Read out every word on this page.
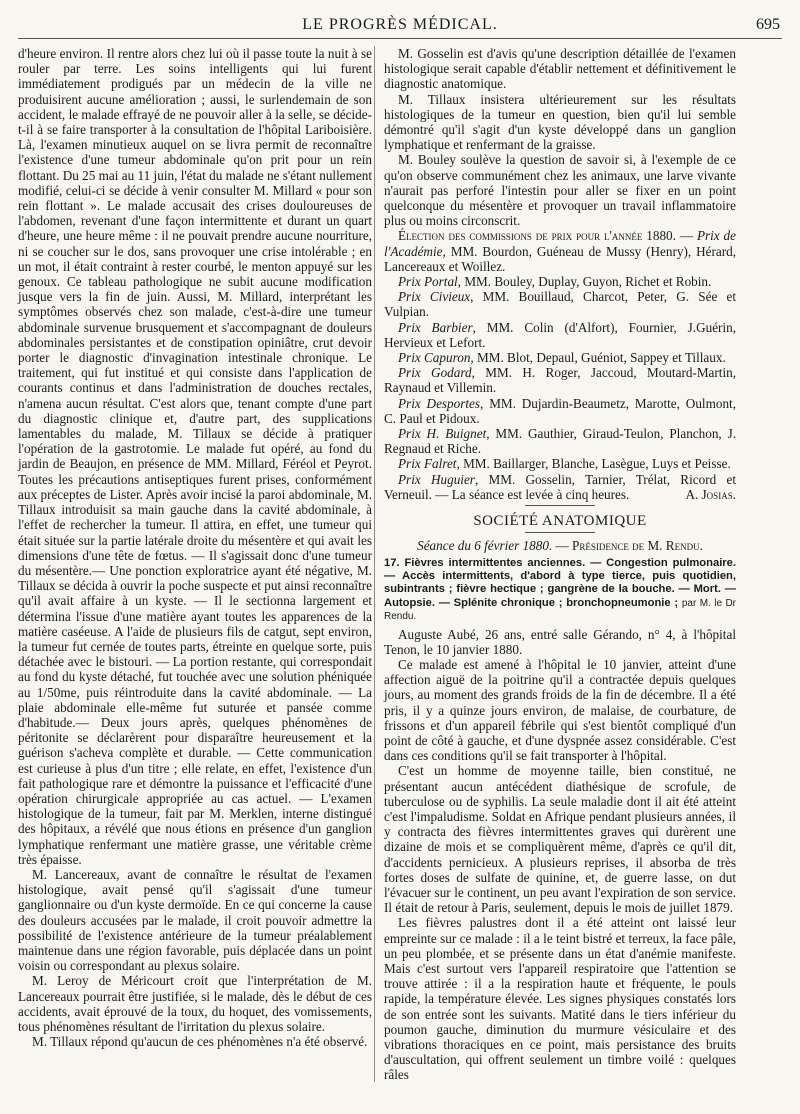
LE PROGRÈS MÉDICAL.	695

d'heure environ. Il rentre alors chez lui où il passe toute la nuit à se rouler par terre. Les soins intelligents qui lui furent immédiatement prodigués par un médecin de la ville ne produisirent aucune amélioration ; aussi, le surlendemain de son accident, le malade effrayé de ne pouvoir aller à la selle, se décide-t-il à se faire transporter à la consultation de l'hôpital Lariboisière. Là, l'examen minutieux auquel on se livra permit de reconnaître l'existence d'une tumeur abdominale qu'on prit pour un rein flottant. Du 25 mai au 11 juin, l'état du malade ne s'étant nullement modifié, celui-ci se décide à venir consulter M. Millard « pour son rein flottant ». Le malade accusait des crises douloureuses de l'abdomen, revenant d'une façon intermittente et durant un quart d'heure, une heure même : il ne pouvait prendre aucune nourriture, ni se coucher sur le dos, sans provoquer une crise intolérable ; en un mot, il était contraint à rester courbé, le menton appuyé sur les genoux. Ce tableau pathologique ne subit aucune modification jusque vers la fin de juin. Aussi, M. Millard, interprétant les symptômes observés chez son malade, c'est-à-dire une tumeur abdominale survenue brusquement et s'accompagnant de douleurs abdominales persistantes et de constipation opiniâtre, crut devoir porter le diagnostic d'invagination intestinale chronique. Le traitement, qui fut institué et qui consiste dans l'application de courants continus et dans l'administration de douches rectales, n'amena aucun résultat. C'est alors que, tenant compte d'une part du diagnostic clinique et, d'autre part, des supplications lamentables du malade, M. Tillaux se décide à pratiquer l'opération de la gastrotomie. Le malade fut opéré, au fond du jardin de Beaujon, en présence de MM. Millard, Féréol et Peyrot. Toutes les précautions antiseptiques furent prises, conformément aux préceptes de Lister. Après avoir incisé la paroi abdominale, M. Tillaux introduisit sa main gauche dans la cavité abdominale, à l'effet de rechercher la tumeur. Il attira, en effet, une tumeur qui était située sur la partie latérale droite du mésentère et qui avait les dimensions d'une tête de fœtus. — Il s'agissait donc d'une tumeur du mésentère.— Une ponction exploratrice ayant été négative, M. Tillaux se décida à ouvrir la poche suspecte et put ainsi reconnaître qu'il avait affaire à un kyste. — Il le sectionna largement et détermina l'issue d'une matière ayant toutes les apparences de la matière caséeuse. A l'aide de plusieurs fils de catgut, sept environ, la tumeur fut cernée de toutes parts, étreinte en quelque sorte, puis détachée avec le bistouri. — La portion restante, qui correspondait au fond du kyste détaché, fut touchée avec une solution phéniquée au 1/50me, puis réintroduite dans la cavité abdominale. — La plaie abdominale elle-même fut suturée et pansée comme d'habitude.— Deux jours après, quelques phénomènes de péritonite se déclarèrent pour disparaître heureusement et la guérison s'acheva complète et durable. — Cette communication est curieuse à plus d'un titre ; elle relate, en effet, l'existence d'un fait pathologique rare et démontre la puissance et l'efficacité d'une opération chirurgicale appropriée au cas actuel. — L'examen histologique de la tumeur, fait par M. Merklen, interne distingué des hôpitaux, a révélé que nous étions en présence d'un ganglion lymphatique renfermant une matière grasse, une véritable crème très épaisse.

M. Lancereaux, avant de connaître le résultat de l'examen histologique, avait pensé qu'il s'agissait d'une tumeur ganglionnaire ou d'un kyste dermoïde. En ce qui concerne la cause des douleurs accusées par le malade, il croit pouvoir admettre la possibilité de l'existence antérieure de la tumeur préalablement maintenue dans une région favorable, puis déplacée dans un point voisin ou correspondant au plexus solaire.

M. Leroy de Méricourt croit que l'interprétation de M. Lancereaux pourrait être justifiée, si le malade, dès le début de ces accidents, avait éprouvé de la toux, du hoquet, des vomissements, tous phénomènes résultant de l'irritation du plexus solaire.

M. Tillaux répond qu'aucun de ces phénomènes n'a été observé.

M. Gosselin est d'avis qu'une description détaillée de l'examen histologique serait capable d'établir nettement et définitivement le diagnostic anatomique.

M. Tillaux insistera ultérieurement sur les résultats histologiques de la tumeur en question, bien qu'il lui semble démontré qu'il s'agit d'un kyste développé dans un ganglion lymphatique et renfermant de la graisse.

M. Bouley soulève la question de savoir si, à l'exemple de ce qu'on observe communément chez les animaux, une larve vivante n'aurait pas perforé l'intestin pour aller se fixer en un point quelconque du mésentère et provoquer un travail inflammatoire plus ou moins circonscrit.

Élection des commissions de prix pour l'année 1880. — Prix de l'Académie, MM. Bourdon, Guéneau de Mussy (Henry), Hérard, Lancereaux et Woillez.

Prix Portal, MM. Bouley, Duplay, Guyon, Richet et Robin.

Prix Civieux, MM. Bouillaud, Charcot, Peter, G. Sée et Vulpian.

Prix Barbier, MM. Colin (d'Alfort), Fournier, J.Guérin, Hervieux et Lefort.

Prix Capuron, MM. Blot, Depaul, Guéniot, Sappey et Tillaux.

Prix Godard, MM. H. Roger, Jaccoud, Moutard-Martin, Raynaud et Villemin.

Prix Desportes, MM. Dujardin-Beaumetz, Marotte, Oulmont, C. Paul et Pidoux.

Prix H. Buignet, MM. Gauthier, Giraud-Teulon, Planchon, J. Regnaud et Riche.

Prix Falret, MM. Baillarger, Blanche, Lasègue, Luys et Peisse.

Prix Huguier, MM. Gosselin, Tarnier, Trélat, Ricord et Verneuil. — La séance est levée à cinq heures.	A. Josias.

SOCIÉTÉ ANATOMIQUE
Séance du 6 février 1880. — Présidence de M. Rendu.

17. Fièvres intermittentes anciennes. — Congestion pulmonaire. — Accès intermittents, d'abord à type tierce, puis quotidien, subintrants ; fièvre hectique ; gangrène de la bouche. — Mort. — Autopsie. — Splénite chronique ; bronchopneumonie ; par M. le Dr Rendu.

Auguste Aubé, 26 ans, entré salle Gérando, n° 4, à l'hôpital Tenon, le 10 janvier 1880.

Ce malade est amené à l'hôpital le 10 janvier, atteint d'une affection aiguë de la poitrine qu'il a contractée depuis quelques jours, au moment des grands froids de la fin de décembre. Il a été pris, il y a quinze jours environ, de malaise, de courbature, de frissons et d'un appareil fébrile qui s'est bientôt compliqué d'un point de côté à gauche, et d'une dyspnée assez considérable. C'est dans ces conditions qu'il se fait transporter à l'hôpital.

C'est un homme de moyenne taille, bien constitué, ne présentant aucun antécédent diathésique de scrofule, de tuberculose ou de syphilis. La seule maladie dont il ait été atteint c'est l'impaludisme. Soldat en Afrique pendant plusieurs années, il y contracta des fièvres intermittentes graves qui durèrent une dizaine de mois et se compliquèrent même, d'après ce qu'il dit, d'accidents pernicieux. A plusieurs reprises, il absorba de très fortes doses de sulfate de quinine, et, de guerre lasse, on dut l'évacuer sur le continent, un peu avant l'expiration de son service. Il était de retour à Paris, seulement, depuis le mois de juillet 1879.

Les fièvres palustres dont il a été atteint ont laissé leur empreinte sur ce malade : il a le teint bistré et terreux, la face pâle, un peu plombée, et se présente dans un état d'anémie manifeste. Mais c'est surtout vers l'appareil respiratoire que l'attention se trouve attirée : il a la respiration haute et fréquente, le pouls rapide, la température élevée. Les signes physiques constatés lors de son entrée sont les suivants. Matité dans le tiers inférieur du poumon gauche, diminution du murmure vésiculaire et des vibrations thoraciques en ce point, mais persistance des bruits d'auscultation, qui offrent seulement un timbre voilé : quelques râles
